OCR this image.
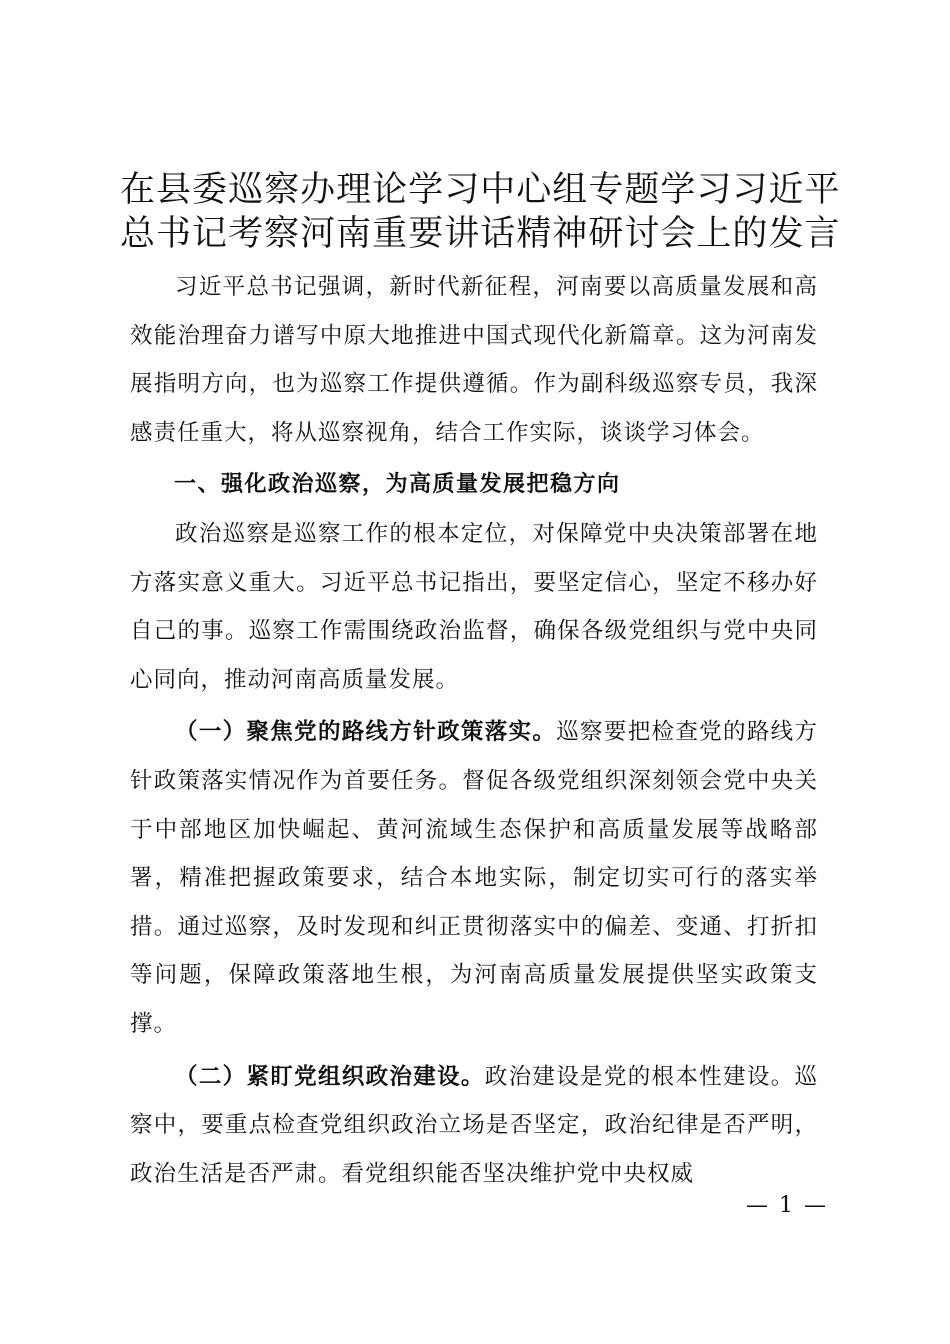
在县委巡察办理论学习中心组专题学习习近平
总书记考察河南重要讲话精神研讨会上的发言

习近平总书记强调，新时代新征程，河南要以高质量发展和高效能治理奋力谱写中原大地推进中国式现代化新篇章。这为河南发展指明方向，也为巡察工作提供遵循。作为副科级巡察专员，我深感责任重大，将从巡察视角，结合工作实际，谈谈学习体会。

一、强化政治巡察，为高质量发展把稳方向

政治巡察是巡察工作的根本定位，对保障党中央决策部署在地方落实意义重大。习近平总书记指出，要坚定信心，坚定不移办好自己的事。巡察工作需围绕政治监督，确保各级党组织与党中央同心同向，推动河南高质量发展。

（一）聚焦党的路线方针政策落实。巡察要把检查党的路线方针政策落实情况作为首要任务。督促各级党组织深刻领会党中央关于中部地区加快崛起、黄河流域生态保护和高质量发展等战略部署，精准把握政策要求，结合本地实际，制定切实可行的落实举措。通过巡察，及时发现和纠正贯彻落实中的偏差、变通、打折扣等问题，保障政策落地生根，为河南高质量发展提供坚实政策支撑。

（二）紧盯党组织政治建设。政治建设是党的根本性建设。巡察中，要重点检查党组织政治立场是否坚定，政治纪律是否严明，政治生活是否严肃。看党组织能否坚决维护党中央权威

— 1 —
